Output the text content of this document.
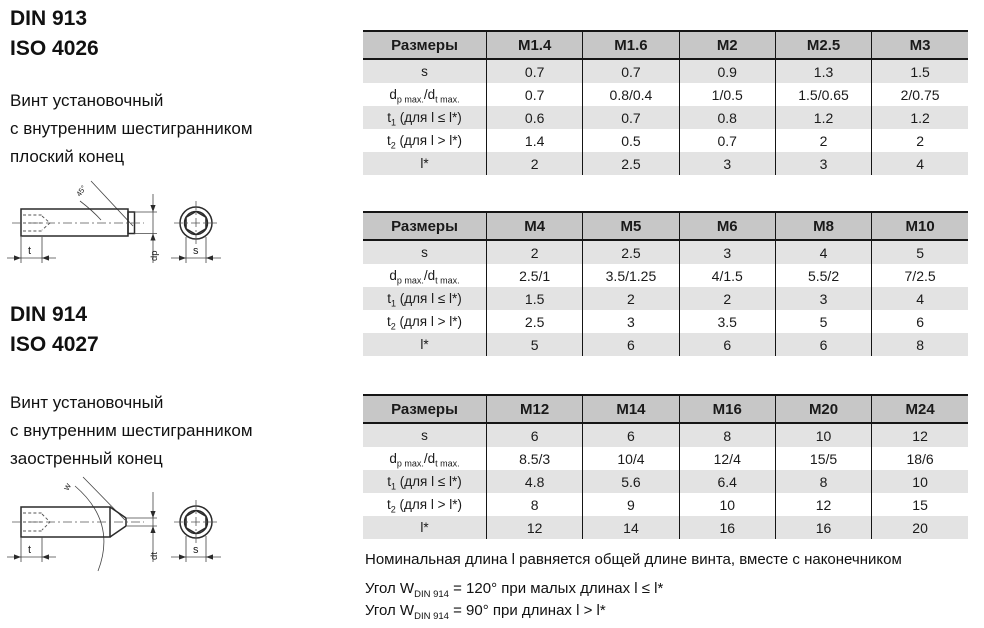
DIN 913
ISO 4026
Винт установочный
с внутренним шестигранником
плоский конец
45°
t	dp	s
DIN 914
ISO 4027
Винт установочный
с внутренним шестигранником
заостренный конец
w
t
dt
s
Размеры	M1.4	M1.6	M2	M2.5	M3
s	0.7	0.7	0.9	1.3	1.5
$d_{p max.}/d_{t max.}$	0.7	0.8/0.4	1/0.5	1.5/0.65	2/0.75
$t_1$ (для l ≤ l*)	0.6	0.7	0.8	1.2	1.2
$t_2$ (для l > l*)	1.4	0.5	0.7	2	2
l*	2	2.5	3	3	4
Размеры	M4	M5	M6	M8	M10
s	2	2.5	3	4	5
$d_{p max.}/d_{t max.}$	2.5/1	3.5/1.25	4/1.5	5.5/2	7/2.5
$t_1$ (для l ≤ l*)	1.5	2	2	3	4
$t_2$ (для l > l*)	2.5	3	3.5	5	6
l*	5	6	6	6	8
Размеры	M12	M14	M16	M20	M24
s	6	6	8	10	12
$d_{p max.}/d_{t max.}$	8.5/3	10/4	12/4	15/5	18/6
$t_1$ (для l ≤ l*)	4.8	5.6	6.4	8	10
$t_2$ (для l > l*)	8	9	10	12	15
l*	12	14	16	16	20
Номинальная длина l равняется общей длине винта, вместе с наконечником
Угол $W_{DIN 914} = 120^\circ$ при малых длинах l ≤ l*
Угол $W_{DIN 914} = 90^\circ$ при длинах l > l*
